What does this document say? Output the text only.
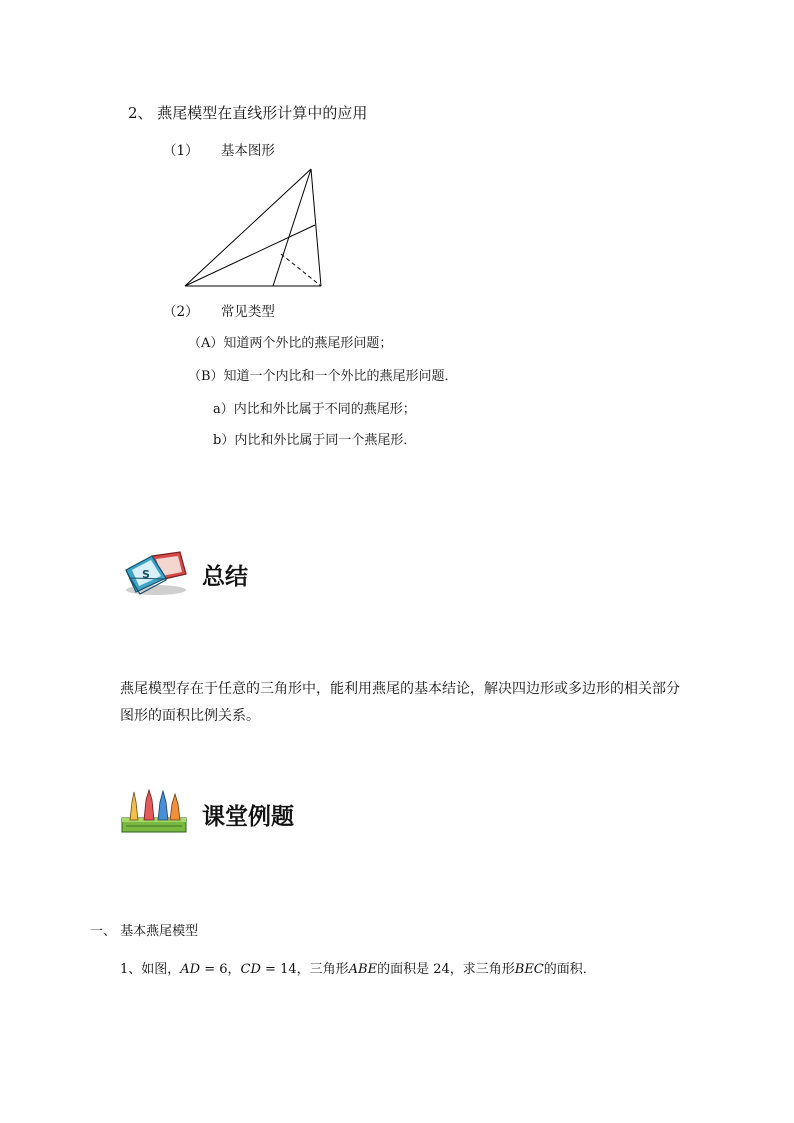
2、 燕尾模型在直线形计算中的应用
（1） 基本图形
（2） 常见类型
（A）知道两个外比的燕尾形问题；
（B）知道一个内比和一个外比的燕尾形问题．
a）内比和外比属于不同的燕尾形；
b）内比和外比属于同一个燕尾形．
S 总结
燕尾模型存在于任意的三角形中，能利用燕尾的基本结论，解决四边形或多边形的相关部分图形的面积比例关系。
课堂例题
一、 基本燕尾模型
1、如图，AD = 6，CD = 14，三角形ABE的面积是 24，求三角形BEC的面积．
